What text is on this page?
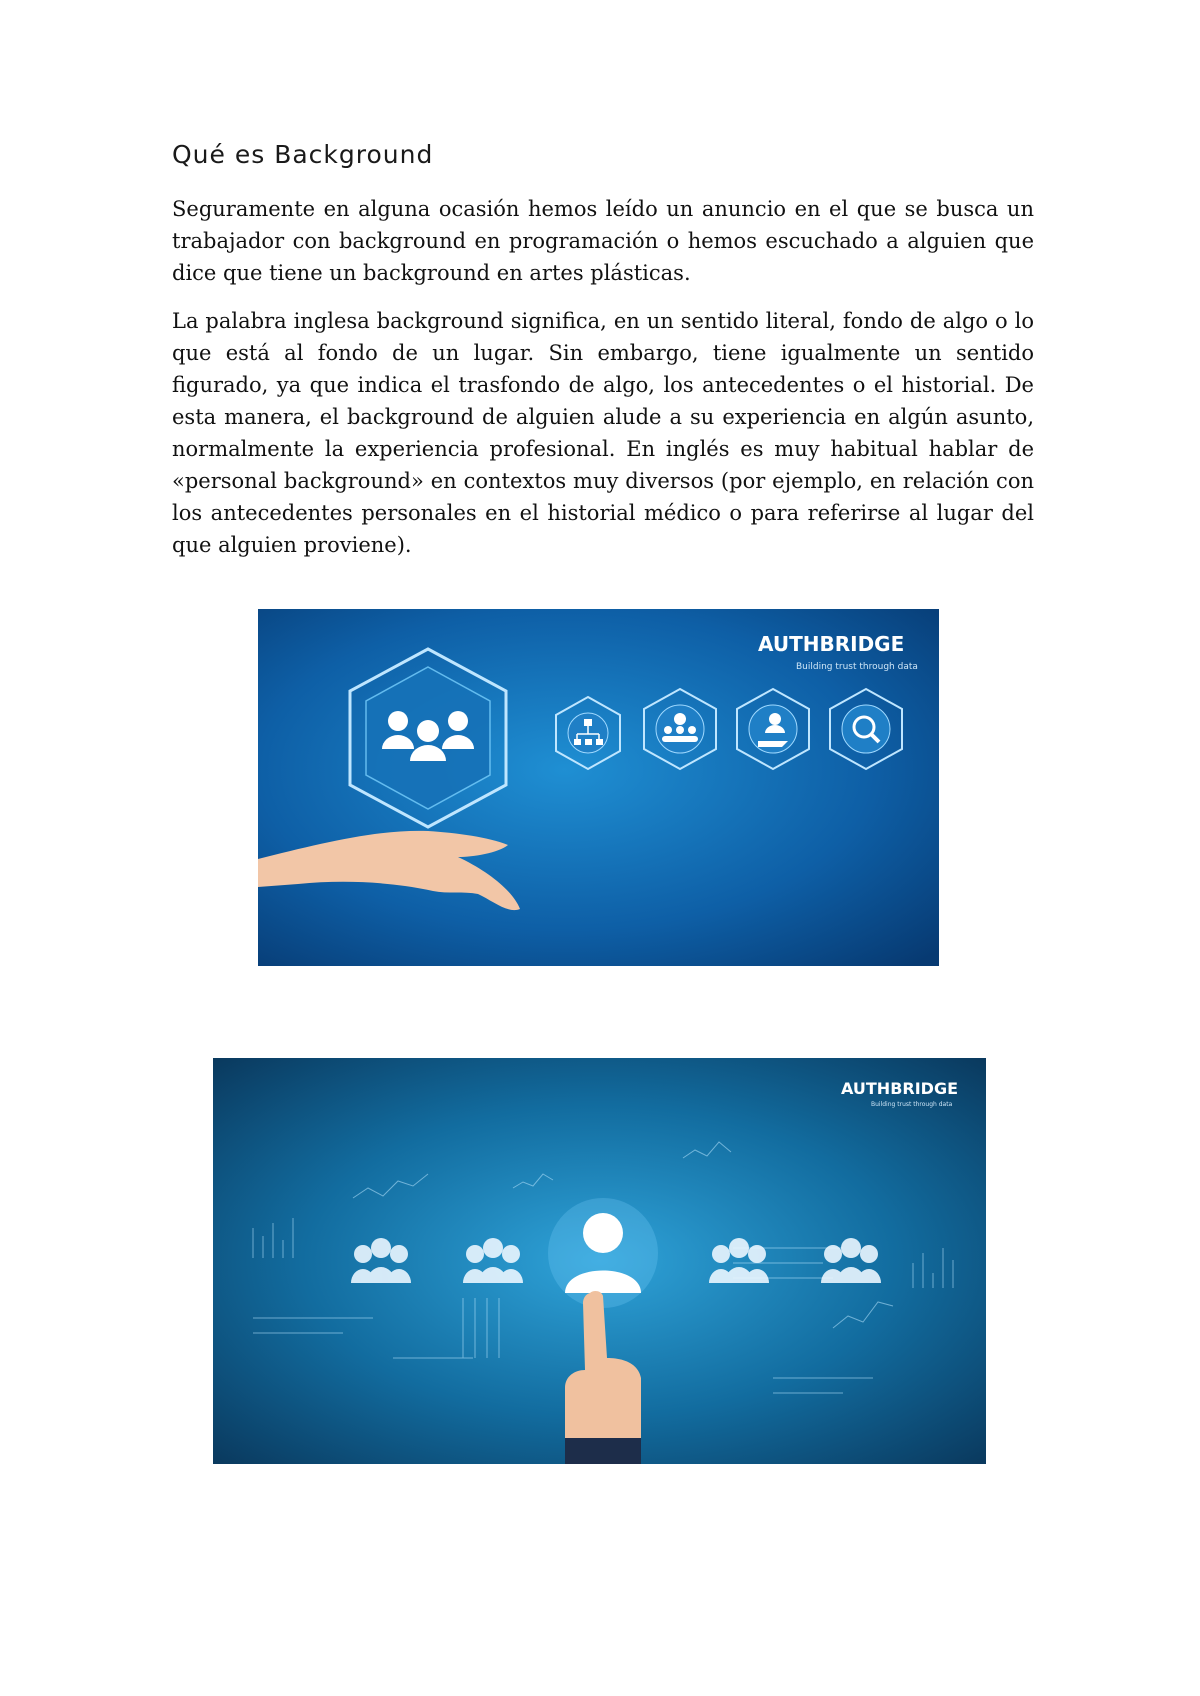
Qué es Background

Seguramente en alguna ocasión hemos leído un anuncio en el que se busca un trabajador con background en programación o hemos escuchado a alguien que dice que tiene un background en artes plásticas.

La palabra inglesa background significa, en un sentido literal, fondo de algo o lo que está al fondo de un lugar. Sin embargo, tiene igualmente un sentido figurado, ya que indica el trasfondo de algo, los antecedentes o el historial. De esta manera, el background de alguien alude a su experiencia en algún asunto, normalmente la experiencia profesional. En inglés es muy habitual hablar de «personal background» en contextos muy diversos (por ejemplo, en relación con los antecedentes personales en el historial médico o para referirse al lugar del que alguien proviene).

AUTHBRIDGE
Building trust through data
AUTHBRIDGE
Building trust through data
